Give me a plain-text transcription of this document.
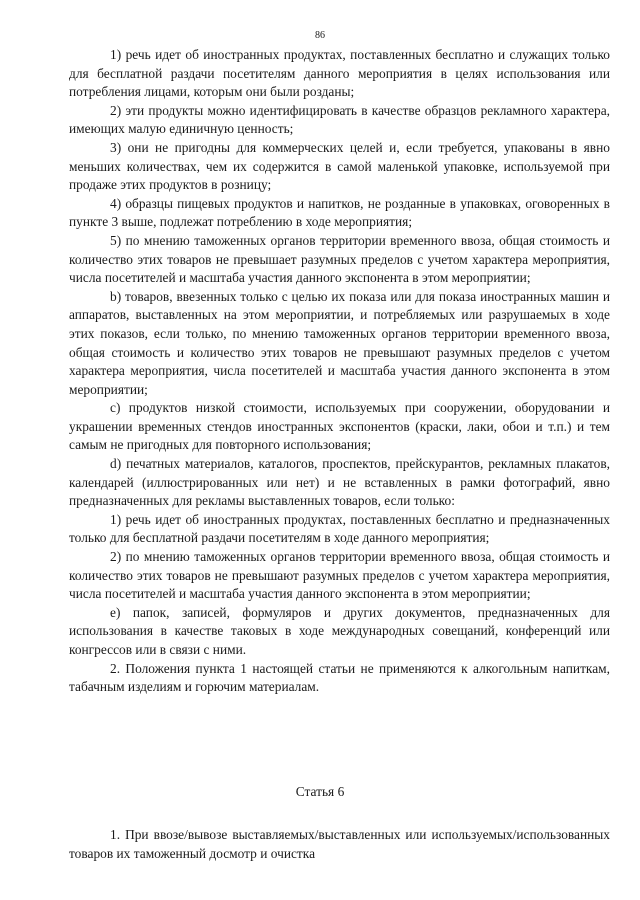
86

1) речь идет об иностранных продуктах, поставленных бесплатно и служащих только для бесплатной раздачи посетителям данного мероприятия в целях использования или потребления лицами, которым они были розданы;

2) эти продукты можно идентифицировать в качестве образцов рекламного характера, имеющих малую единичную ценность;

3) они не пригодны для коммерческих целей и, если требуется, упакованы в явно меньших количествах, чем их содержится в самой маленькой упаковке, используемой при продаже этих продуктов в розницу;

4) образцы пищевых продуктов и напитков, не розданные в упаковках, оговоренных в пункте 3 выше, подлежат потреблению в ходе мероприятия;

5) по мнению таможенных органов территории временного ввоза, общая стоимость и количество этих товаров не превышает разумных пределов с учетом характера мероприятия, числа посетителей и масштаба участия данного экспонента в этом мероприятии;

b) товаров, ввезенных только с целью их показа или для показа иностранных машин и аппаратов, выставленных на этом мероприятии, и потребляемых или разрушаемых в ходе этих показов, если только, по мнению таможенных органов территории временного ввоза, общая стоимость и количество этих товаров не превышают разумных пределов с учетом характера мероприятия, числа посетителей и масштаба участия данного экспонента в этом мероприятии;

c) продуктов низкой стоимости, используемых при сооружении, оборудовании и украшении временных стендов иностранных экспонентов (краски, лаки, обои и т.п.) и тем самым не пригодных для повторного использования;

d) печатных материалов, каталогов, проспектов, прейскурантов, рекламных плакатов, календарей (иллюстрированных или нет) и не вставленных в рамки фотографий, явно предназначенных для рекламы выставленных товаров, если только:

1) речь идет об иностранных продуктах, поставленных бесплатно и предназначенных только для бесплатной раздачи посетителям в ходе данного мероприятия;

2) по мнению таможенных органов территории временного ввоза, общая стоимость и количество этих товаров не превышают разумных пределов с учетом характера мероприятия, числа посетителей и масштаба участия данного экспонента в этом мероприятии;

e) папок, записей, формуляров и других документов, предназначенных для использования в качестве таковых в ходе международных совещаний, конференций или конгрессов или в связи с ними.

2. Положения пункта 1 настоящей статьи не применяются к алкогольным напиткам, табачным изделиям и горючим материалам.

Статья 6

1. При ввозе/вывозе выставляемых/выставленных или используемых/использованных товаров их таможенный досмотр и очистка
